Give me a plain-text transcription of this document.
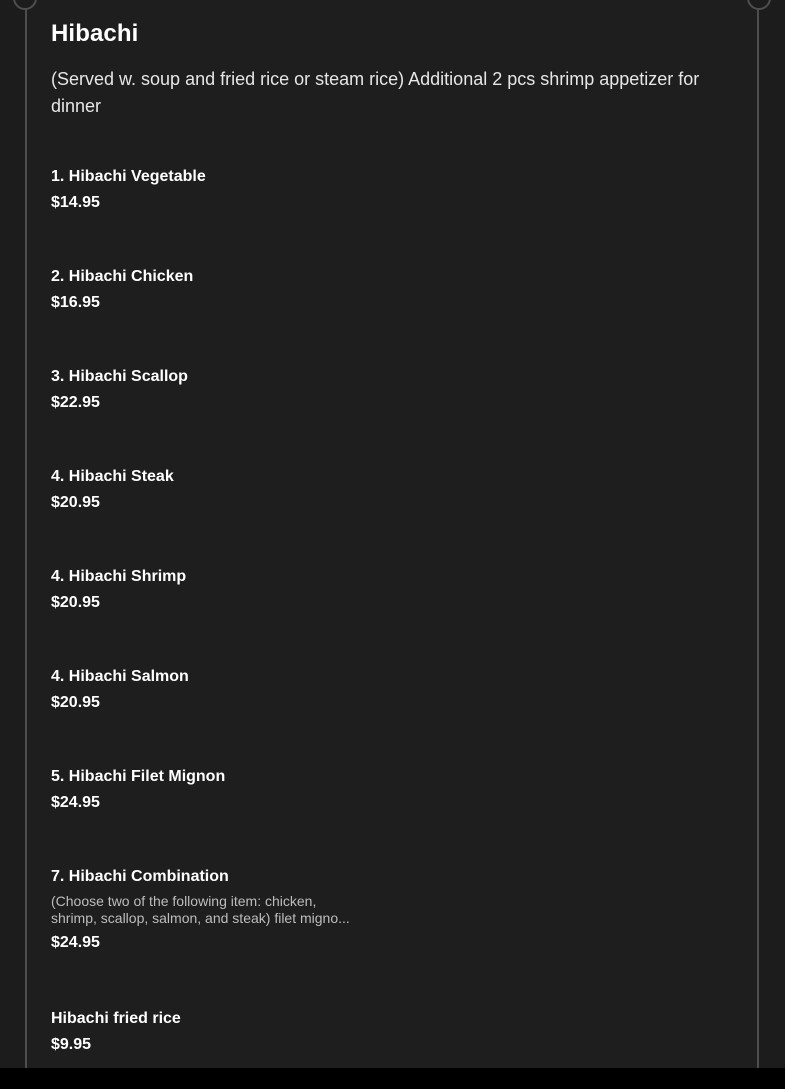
Hibachi

(Served w. soup and fried rice or steam rice) Additional 2 pcs shrimp appetizer for dinner

1. Hibachi Vegetable
$14.95
2. Hibachi Chicken
$16.95
3. Hibachi Scallop
$22.95
4. Hibachi Steak
$20.95
4. Hibachi Shrimp
$20.95
4. Hibachi Salmon
$20.95
5. Hibachi Filet Mignon
$24.95
7. Hibachi Combination
(Choose two of the following item: chicken, shrimp, scallop, salmon, and steak) filet migno...
$24.95
Hibachi fried rice
$9.95
